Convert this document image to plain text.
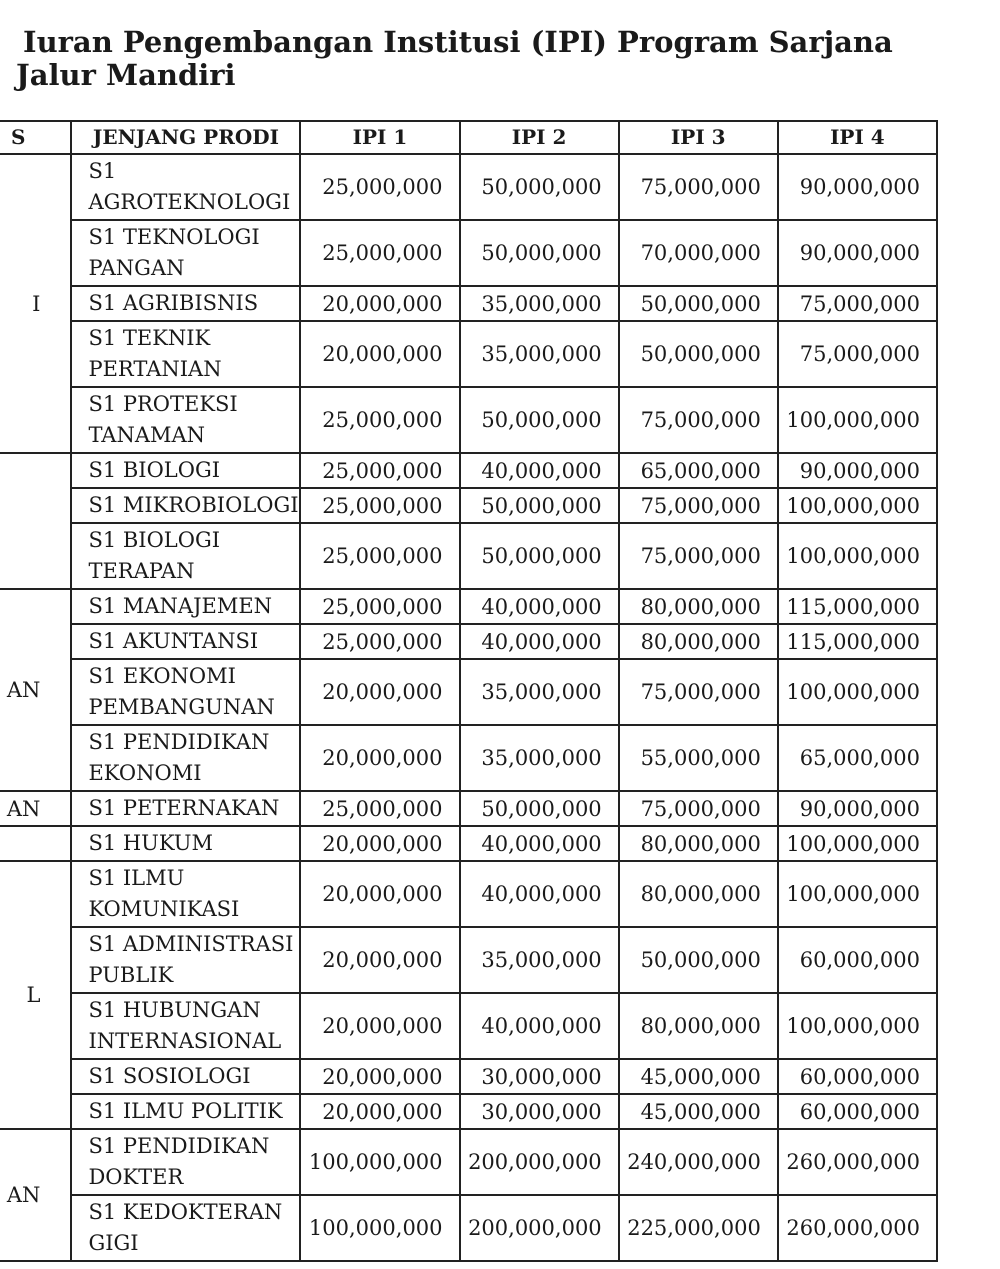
Iuran Pengembangan Institusi (IPI) Program Sarjana Jalur Mandiri
S	JENJANG PRODI	IPI 1	IPI 2	IPI 3	IPI 4
I	S1 AGROTEKNOLOGI	25,000,000	50,000,000	75,000,000	90,000,000
	S1 TEKNOLOGI PANGAN	25,000,000	50,000,000	70,000,000	90,000,000
	S1 AGRIBISNIS	20,000,000	35,000,000	50,000,000	75,000,000
	S1 TEKNIK PERTANIAN	20,000,000	35,000,000	50,000,000	75,000,000
	S1 PROTEKSI TANAMAN	25,000,000	50,000,000	75,000,000	100,000,000
	S1 BIOLOGI	25,000,000	40,000,000	65,000,000	90,000,000
	S1 MIKROBIOLOGI	25,000,000	50,000,000	75,000,000	100,000,000
	S1 BIOLOGI TERAPAN	25,000,000	50,000,000	75,000,000	100,000,000
AN	S1 MANAJEMEN	25,000,000	40,000,000	80,000,000	115,000,000
	S1 AKUNTANSI	25,000,000	40,000,000	80,000,000	115,000,000
	S1 EKONOMI PEMBANGUNAN	20,000,000	35,000,000	75,000,000	100,000,000
	S1 PENDIDIKAN EKONOMI	20,000,000	35,000,000	55,000,000	65,000,000
AN	S1 PETERNAKAN	25,000,000	50,000,000	75,000,000	90,000,000
	S1 HUKUM	20,000,000	40,000,000	80,000,000	100,000,000
L	S1 ILMU KOMUNIKASI	20,000,000	40,000,000	80,000,000	100,000,000
	S1 ADMINISTRASI PUBLIK	20,000,000	35,000,000	50,000,000	60,000,000
	S1 HUBUNGAN INTERNASIONAL	20,000,000	40,000,000	80,000,000	100,000,000
	S1 SOSIOLOGI	20,000,000	30,000,000	45,000,000	60,000,000
	S1 ILMU POLITIK	20,000,000	30,000,000	45,000,000	60,000,000
AN	S1 PENDIDIKAN DOKTER	100,000,000	200,000,000	240,000,000	260,000,000
	S1 KEDOKTERAN GIGI	100,000,000	200,000,000	225,000,000	260,000,000
